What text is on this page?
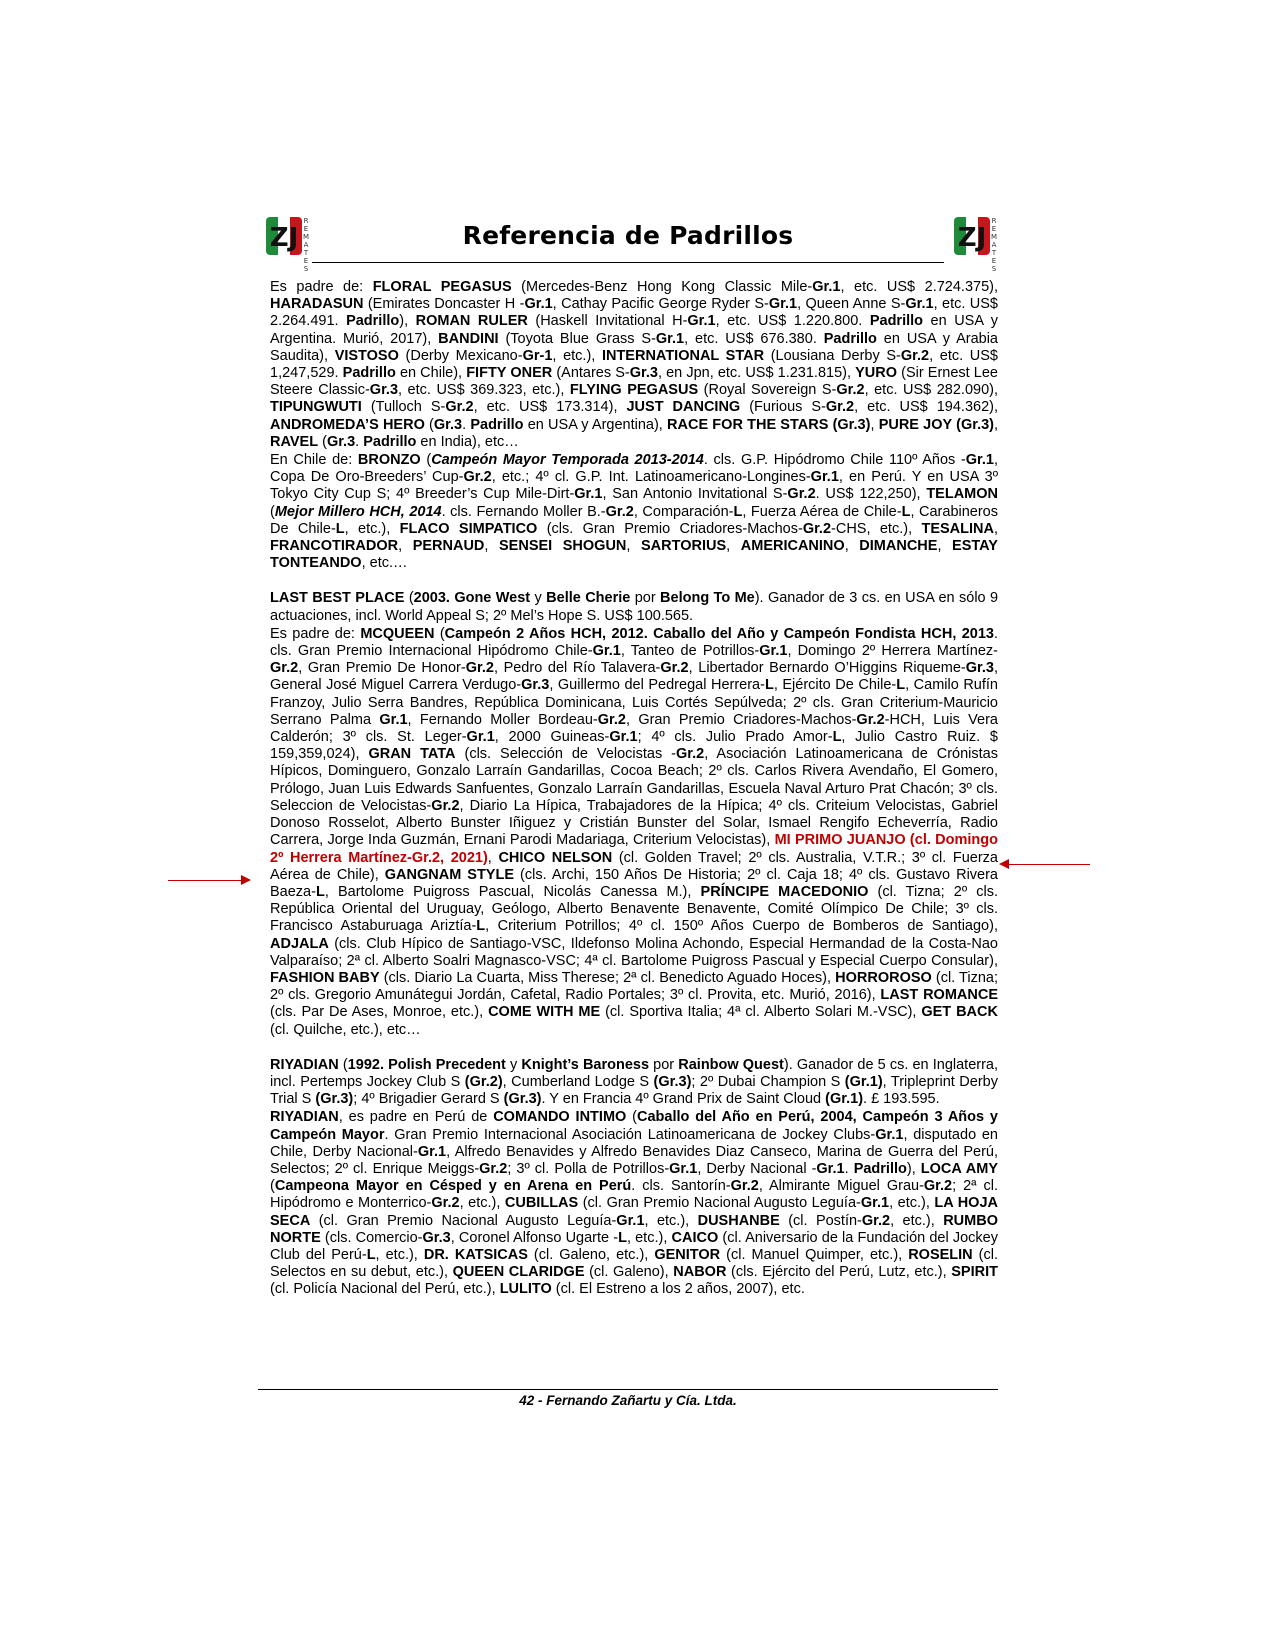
ZJ
REMATES
Referencia de Padrillos	ZJ
REMATES

Es padre de: FLORAL PEGASUS (Mercedes-Benz Hong Kong Classic Mile-Gr.1, etc. US$ 2.724.375), HARADASUN (Emirates Doncaster H -Gr.1, Cathay Pacific George Ryder S-Gr.1, Queen Anne S-Gr.1, etc. US$ 2.264.491. Padrillo), ROMAN RULER (Haskell Invitational H-Gr.1, etc. US$ 1.220.800. Padrillo en USA y Argentina. Murió, 2017), BANDINI (Toyota Blue Grass S-Gr.1, etc. US$ 676.380. Padrillo en USA y Arabia Saudita), VISTOSO (Derby Mexicano-Gr-1, etc.), INTERNATIONAL STAR (Lousiana Derby S-Gr.2, etc. US$ 1,247,529. Padrillo en Chile), FIFTY ONER (Antares S-Gr.3, en Jpn, etc. US$ 1.231.815), YURO (Sir Ernest Lee Steere Classic-Gr.3, etc. US$ 369.323, etc.), FLYING PEGASUS (Royal Sovereign S-Gr.2, etc. US$ 282.090), TIPUNGWUTI (Tulloch S-Gr.2, etc. US$ 173.314), JUST DANCING (Furious S-Gr.2, etc. US$ 194.362), ANDROMEDA’S HERO (Gr.3. Padrillo en USA y Argentina), RACE FOR THE STARS (Gr.3), PURE JOY (Gr.3), RAVEL (Gr.3. Padrillo en India), etc…

En Chile de: BRONZO (Campeón Mayor Temporada 2013-2014. cls. G.P. Hipódromo Chile 110º Años -Gr.1, Copa De Oro-Breeders’ Cup-Gr.2, etc.; 4º cl. G.P. Int. Latinoamericano-Longines-Gr.1, en Perú. Y en USA 3º Tokyo City Cup S; 4º Breeder’s Cup Mile-Dirt-Gr.1, San Antonio Invitational S-Gr.2. US$ 122,250), TELAMON (Mejor Millero HCH, 2014. cls. Fernando Moller B.-Gr.2, Comparación-L, Fuerza Aérea de Chile-L, Carabineros De Chile-L, etc.), FLACO SIMPATICO (cls. Gran Premio Criadores-Machos-Gr.2-CHS, etc.), TESALINA, FRANCOTIRADOR, PERNAUD, SENSEI SHOGUN, SARTORIUS, AMERICANINO, DIMANCHE, ESTAY TONTEANDO, etc.…

LAST BEST PLACE (2003. Gone West y Belle Cherie por Belong To Me). Ganador de 3 cs. en USA en sólo 9 actuaciones, incl. World Appeal S; 2º Mel’s Hope S. US$ 100.565.

Es padre de: MCQUEEN (Campeón 2 Años HCH, 2012. Caballo del Año y Campeón Fondista HCH, 2013. cls. Gran Premio Internacional Hipódromo Chile-Gr.1, Tanteo de Potrillos-Gr.1, Domingo 2º Herrera Martínez-Gr.2, Gran Premio De Honor-Gr.2, Pedro del Río Talavera-Gr.2, Libertador Bernardo O’Higgins Riqueme-Gr.3, General José Miguel Carrera Verdugo-Gr.3, Guillermo del Pedregal Herrera-L, Ejército De Chile-L, Camilo Rufín Franzoy, Julio Serra Bandres, República Dominicana, Luis Cortés Sepúlveda; 2º cls. Gran Criterium-Mauricio Serrano Palma Gr.1, Fernando Moller Bordeau-Gr.2, Gran Premio Criadores-Machos-Gr.2-HCH, Luis Vera Calderón; 3º cls. St. Leger-Gr.1, 2000 Guineas-Gr.1; 4º cls. Julio Prado Amor-L, Julio Castro Ruiz. $ 159,359,024), GRAN TATA (cls. Selección de Velocistas -Gr.2, Asociación Latinoamericana de Crónistas Hípicos, Dominguero, Gonzalo Larraín Gandarillas, Cocoa Beach; 2º cls. Carlos Rivera Avendaño, El Gomero, Prólogo, Juan Luis Edwards Sanfuentes, Gonzalo Larraín Gandarillas, Escuela Naval Arturo Prat Chacón; 3º cls. Seleccion de Velocistas-Gr.2, Diario La Hípica, Trabajadores de la Hípica; 4º cls. Criteium Velocistas, Gabriel Donoso Rosselot, Alberto Bunster Iñiguez y Cristián Bunster del Solar, Ismael Rengifo Echeverría, Radio Carrera, Jorge Inda Guzmán, Ernani Parodi Madariaga, Criterium Velocistas), MI PRIMO JUANJO (cl. Domingo 2º Herrera Martínez-Gr.2, 2021), CHICO NELSON (cl. Golden Travel; 2º cls. Australia, V.T.R.; 3º cl. Fuerza Aérea de Chile), GANGNAM STYLE (cls. Archi, 150 Años De Historia; 2º cl. Caja 18; 4º cls. Gustavo Rivera Baeza-L, Bartolome Puigross Pascual, Nicolás Canessa M.), PRÍNCIPE MACEDONIO (cl. Tizna; 2º cls. República Oriental del Uruguay, Geólogo, Alberto Benavente Benavente, Comité Olímpico De Chile; 3º cls. Francisco Astaburuaga Ariztía-L, Criterium Potrillos; 4º cl. 150º Años Cuerpo de Bomberos de Santiago), ADJALA (cls. Club Hípico de Santiago-VSC, Ildefonso Molina Achondo, Especial Hermandad de la Costa-Nao Valparaíso; 2ª cl. Alberto Soalri Magnasco-VSC; 4ª cl. Bartolome Puigross Pascual y Especial Cuerpo Consular), FASHION BABY (cls. Diario La Cuarta, Miss Therese; 2ª cl. Benedicto Aguado Hoces), HORROROSO (cl. Tizna; 2º cls. Gregorio Amunátegui Jordán, Cafetal, Radio Portales; 3º cl. Provita, etc. Murió, 2016), LAST ROMANCE (cls. Par De Ases, Monroe, etc.), COME WITH ME (cl. Sportiva Italia; 4ª cl. Alberto Solari M.-VSC), GET BACK (cl. Quilche, etc.), etc…

RIYADIAN (1992. Polish Precedent y Knight’s Baroness por Rainbow Quest). Ganador de 5 cs. en Inglaterra, incl. Pertemps Jockey Club S (Gr.2), Cumberland Lodge S (Gr.3); 2º Dubai Champion S (Gr.1), Tripleprint Derby Trial S (Gr.3); 4º Brigadier Gerard S (Gr.3). Y en Francia 4º Grand Prix de Saint Cloud (Gr.1). £ 193.595.

RIYADIAN, es padre en Perú de COMANDO INTIMO (Caballo del Año en Perú, 2004, Campeón 3 Años y Campeón Mayor. Gran Premio Internacional Asociación Latinoamericana de Jockey Clubs-Gr.1, disputado en Chile, Derby Nacional-Gr.1, Alfredo Benavides y Alfredo Benavides Diaz Canseco, Marina de Guerra del Perú, Selectos; 2º cl. Enrique Meiggs-Gr.2; 3º cl. Polla de Potrillos-Gr.1, Derby Nacional -Gr.1. Padrillo), LOCA AMY (Campeona Mayor en Césped y en Arena en Perú. cls. Santorín-Gr.2, Almirante Miguel Grau-Gr.2; 2ª cl. Hipódromo e Monterrico-Gr.2, etc.), CUBILLAS (cl. Gran Premio Nacional Augusto Leguía-Gr.1, etc.), LA HOJA SECA (cl. Gran Premio Nacional Augusto Leguía-Gr.1, etc.), DUSHANBE (cl. Postín-Gr.2, etc.), RUMBO NORTE (cls. Comercio-Gr.3, Coronel Alfonso Ugarte -L, etc.), CAICO (cl. Aniversario de la Fundación del Jockey Club del Perú-L, etc.), DR. KATSICAS (cl. Galeno, etc.), GENITOR (cl. Manuel Quimper, etc.), ROSELIN (cl. Selectos en su debut, etc.), QUEEN CLARIDGE (cl. Galeno), NABOR (cls. Ejército del Perú, Lutz, etc.), SPIRIT (cl. Policía Nacional del Perú, etc.), LULITO (cl. El Estreno a los 2 años, 2007), etc.

42 - Fernando Zañartu y Cía. Ltda.
